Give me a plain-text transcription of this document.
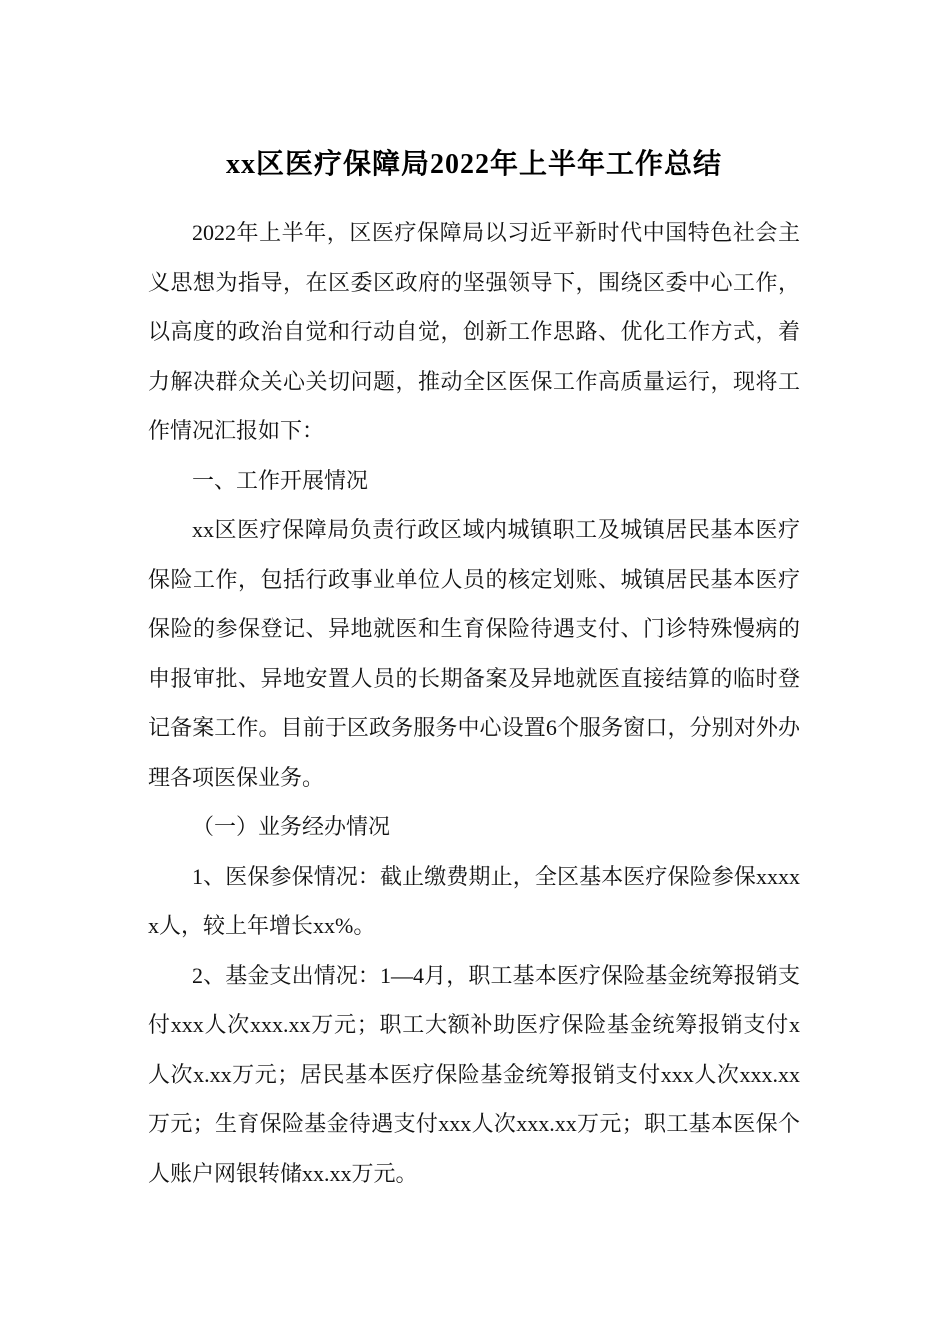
xx区医疗保障局2022年上半年工作总结

2022年上半年，区医疗保障局以习近平新时代中国特色社会主义思想为指导，在区委区政府的坚强领导下，围绕区委中心工作，以高度的政治自觉和行动自觉，创新工作思路、优化工作方式，着力解决群众关心关切问题，推动全区医保工作高质量运行，现将工作情况汇报如下：

一、工作开展情况

xx区医疗保障局负责行政区域内城镇职工及城镇居民基本医疗保险工作，包括行政事业单位人员的核定划账、城镇居民基本医疗保险的参保登记、异地就医和生育保险待遇支付、门诊特殊慢病的申报审批、异地安置人员的长期备案及异地就医直接结算的临时登记备案工作。目前于区政务服务中心设置6个服务窗口，分别对外办理各项医保业务。

（一）业务经办情况

1、医保参保情况：截止缴费期止，全区基本医疗保险参保xxxxx人，较上年增长xx%。

2、基金支出情况：1—4月，职工基本医疗保险基金统筹报销支付xxx人次xxx.xx万元；职工大额补助医疗保险基金统筹报销支付x人次x.xx万元；居民基本医疗保险基金统筹报销支付xxx人次xxx.xx万元；生育保险基金待遇支付xxx人次xxx.xx万元；职工基本医保个人账户网银转储xx.xx万元。
